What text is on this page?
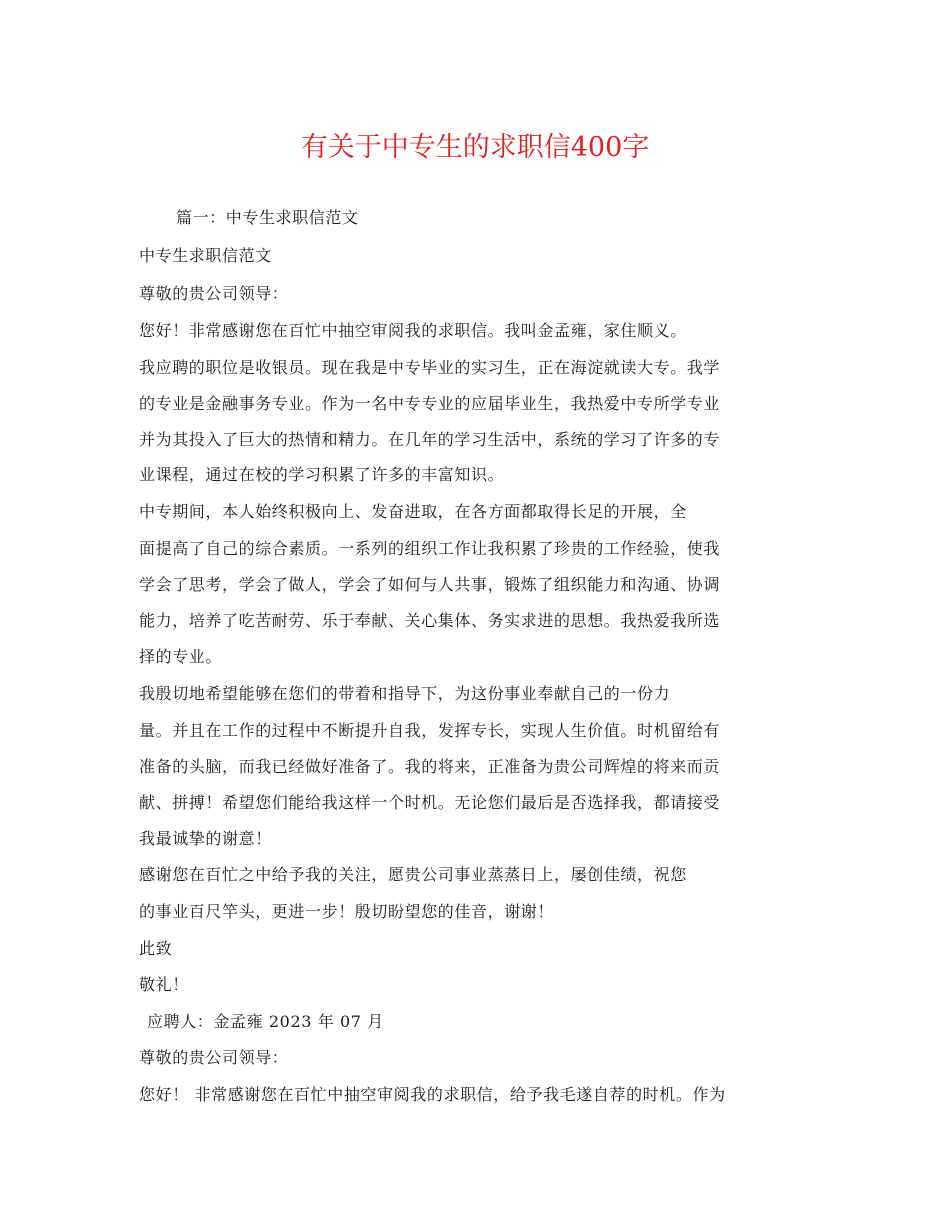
有关于中专生的求职信400字
篇一：中专生求职信范文
中专生求职信范文
尊敬的贵公司领导：
您好！非常感谢您在百忙中抽空审阅我的求职信。我叫金孟雍，家住顺义。
我应聘的职位是收银员。现在我是中专毕业的实习生，正在海淀就读大专。我学
的专业是金融事务专业。作为一名中专专业的应届毕业生，我热爱中专所学专业
并为其投入了巨大的热情和精力。在几年的学习生活中，系统的学习了许多的专
业课程，通过在校的学习积累了许多的丰富知识。
中专期间，本人始终积极向上、发奋进取，在各方面都取得长足的开展，全
面提高了自己的综合素质。一系列的组织工作让我积累了珍贵的工作经验，使我
学会了思考，学会了做人，学会了如何与人共事，锻炼了组织能力和沟通、协调
能力，培养了吃苦耐劳、乐于奉献、关心集体、务实求进的思想。我热爱我所选
择的专业。
我殷切地希望能够在您们的带着和指导下，为这份事业奉献自己的一份力
量。并且在工作的过程中不断提升自我，发挥专长，实现人生价值。时机留给有
准备的头脑，而我已经做好准备了。我的将来，正准备为贵公司辉煌的将来而贡
献、拼搏！希望您们能给我这样一个时机。无论您们最后是否选择我，都请接受
我最诚挚的谢意！
感谢您在百忙之中给予我的关注，愿贵公司事业蒸蒸日上，屡创佳绩，祝您
的事业百尺竿头，更进一步！殷切盼望您的佳音，谢谢！
此致
敬礼！
应聘人：金孟雍 2023 年 07 月
尊敬的贵公司领导：
您好！ 非常感谢您在百忙中抽空审阅我的求职信，给予我毛遂自荐的时机。作为
